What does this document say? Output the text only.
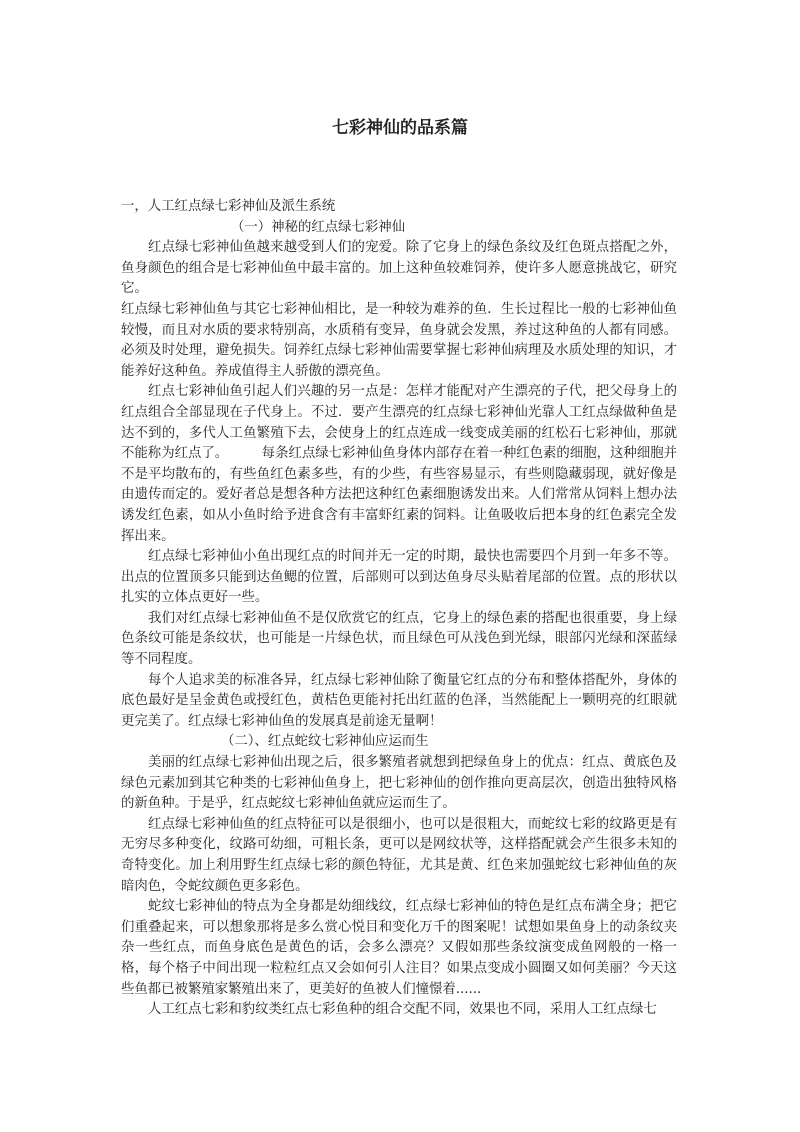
七彩神仙的品系篇

一，人工红点绿七彩神仙及派生系统

（一）神秘的红点绿七彩神仙

红点绿七彩神仙鱼越来越受到人们的宠爱。除了它身上的绿色条纹及红色斑点搭配之外，鱼身颜色的组合是七彩神仙鱼中最丰富的。加上这种鱼较难饲养，使许多人愿意挑战它，研究它。

红点绿七彩神仙鱼与其它七彩神仙相比，是一种较为难养的鱼．生长过程比一般的七彩神仙鱼较慢，而且对水质的要求特别高，水质稍有变异，鱼身就会发黑，养过这种鱼的人都有同感。必须及时处理，避免损失。饲养红点绿七彩神仙需要掌握七彩神仙病理及水质处理的知识，才能养好这种鱼。养成值得主人骄傲的漂亮鱼。

红点七彩神仙鱼引起人们兴趣的另一点是：怎样才能配对产生漂亮的子代，把父母身上的红点组合全部显现在子代身上。不过．要产生漂亮的红点绿七彩神仙光靠人工红点绿做种鱼是达不到的，多代人工鱼繁殖下去，会使身上的红点连成一线变成美丽的红松石七彩神仙，那就不能称为红点了。　　　每条红点绿七彩神仙鱼身体内部存在着一种红色素的细胞，这种细胞并不是平均散布的，有些鱼红色素多些，有的少些，有些容易显示，有些则隐藏弱现，就好像是由遗传而定的。爱好者总是想各种方法把这种红色素细胞诱发出来。人们常常从饲料上想办法诱发红色素，如从小鱼时给予进食含有丰富虾红素的饲料。让鱼吸收后把本身的红色素完全发挥出来。

红点绿七彩神仙小鱼出现红点的时间并无一定的时期，最快也需要四个月到一年多不等。出点的位置顶多只能到达鱼鳃的位置，后部则可以到达鱼身尽头贴着尾部的位置。点的形状以扎实的立体点更好一些。

我们对红点绿七彩神仙鱼不是仅欣赏它的红点，它身上的绿色素的搭配也很重要，身上绿色条纹可能是条纹状，也可能是一片绿色状，而且绿色可从浅色到光绿，眼部闪光绿和深蓝绿等不同程度。

每个人追求美的标准各异，红点绿七彩神仙除了衡量它红点的分布和整体搭配外，身体的底色最好是呈金黄色或授红色，黄桔色更能衬托出红蓝的色泽，当然能配上一颗明亮的红眼就更完美了。红点绿七彩神仙鱼的发展真是前途无量啊！

（二）、红点蛇纹七彩神仙应运而生

美丽的红点绿七彩神仙出现之后，很多繁殖者就想到把绿鱼身上的优点：红点、黄底色及绿色元素加到其它种类的七彩神仙鱼身上，把七彩神仙的创作推向更高层次，创造出独特风格的新鱼种。于是乎，红点蛇纹七彩神仙鱼就应运而生了。

红点绿七彩神仙鱼的红点特征可以是很细小，也可以是很粗大，而蛇纹七彩的纹路更是有无穷尽多种变化，纹路可幼细，可粗长条，更可以是网纹状等，这样搭配就会产生很多未知的奇特变化。加上利用野生红点绿七彩的颜色特征，尤其是黄、红色来加强蛇纹七彩神仙鱼的灰暗肉色，令蛇纹颜色更多彩色。

蛇纹七彩神仙的特点为全身都是幼细线纹，红点绿七彩神仙的特色是红点布满全身；把它们重叠起来，可以想象那将是多么赏心悦目和变化万千的图案呢！试想如果鱼身上的动条纹夹杂一些红点，而鱼身底色是黄色的话，会多么漂亮？又假如那些条纹演变成鱼网般的一格一格，每个格子中间出现一粒粒红点又会如何引人注目？如果点变成小圆圈又如何美丽？今天这些鱼都已被繁殖家繁殖出来了，更美好的鱼被人们憧憬着......

人工红点七彩和豹纹类红点七彩鱼种的组合交配不同，效果也不同，采用人工红点绿七
